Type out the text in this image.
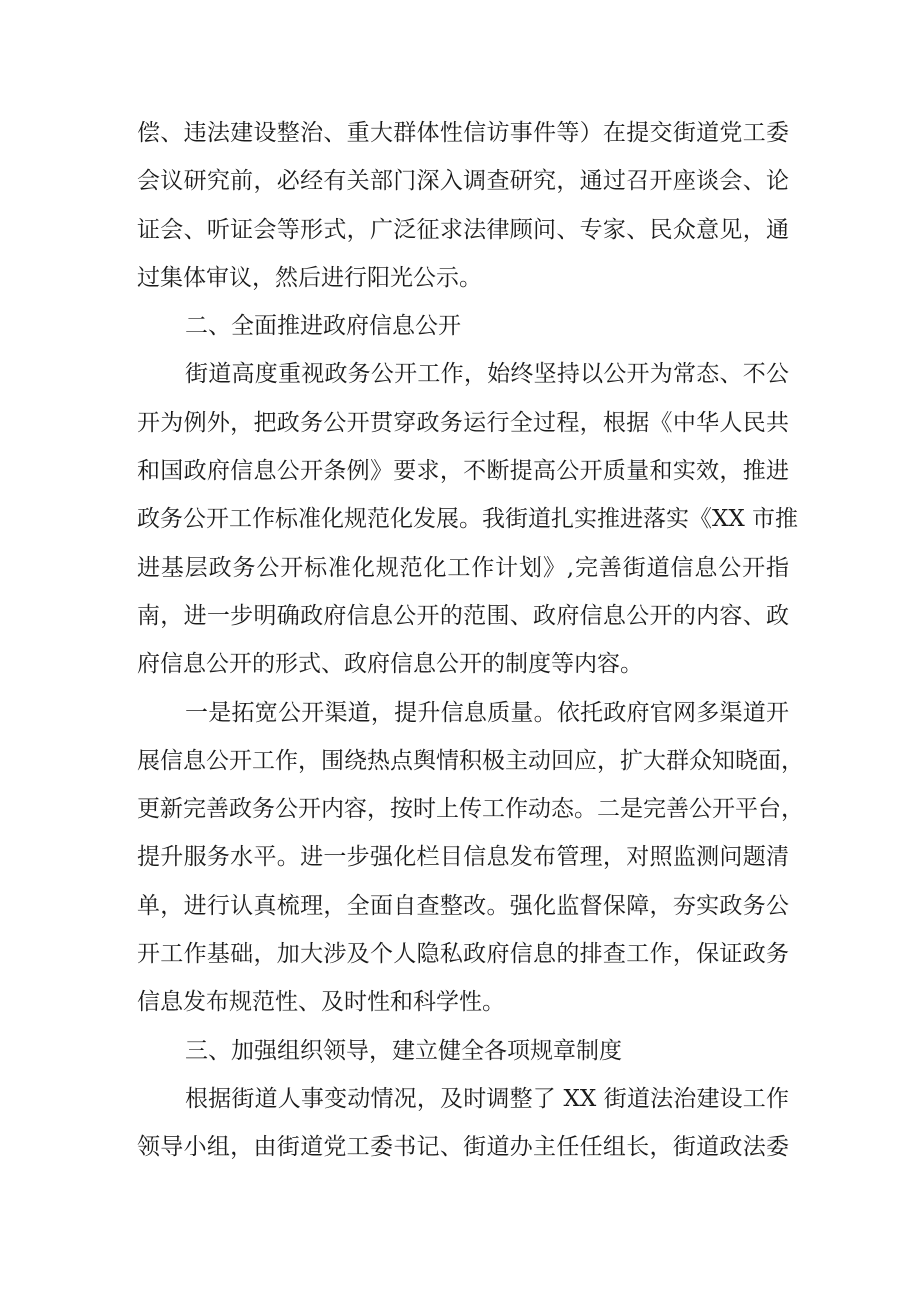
偿、违法建设整治、重大群体性信访事件等）在提交街道党工委
会议研究前，必经有关部门深入调查研究，通过召开座谈会、论
证会、听证会等形式，广泛征求法律顾问、专家、民众意见，通
过集体审议，然后进行阳光公示。
二、全面推进政府信息公开
街道高度重视政务公开工作，始终坚持以公开为常态、不公
开为例外，把政务公开贯穿政务运行全过程，根据《中华人民共
和国政府信息公开条例》要求，不断提高公开质量和实效，推进
政务公开工作标准化规范化发展。我街道扎实推进落实《XX 市推
进基层政务公开标准化规范化工作计划》,完善街道信息公开指
南，进一步明确政府信息公开的范围、政府信息公开的内容、政
府信息公开的形式、政府信息公开的制度等内容。
一是拓宽公开渠道，提升信息质量。依托政府官网多渠道开
展信息公开工作，围绕热点舆情积极主动回应，扩大群众知晓面，
更新完善政务公开内容，按时上传工作动态。二是完善公开平台，
提升服务水平。进一步强化栏目信息发布管理，对照监测问题清
单，进行认真梳理，全面自查整改。强化监督保障，夯实政务公
开工作基础，加大涉及个人隐私政府信息的排查工作，保证政务
信息发布规范性、及时性和科学性。
三、加强组织领导，建立健全各项规章制度
根据街道人事变动情况，及时调整了 XX 街道法治建设工作
领导小组，由街道党工委书记、街道办主任任组长，街道政法委
